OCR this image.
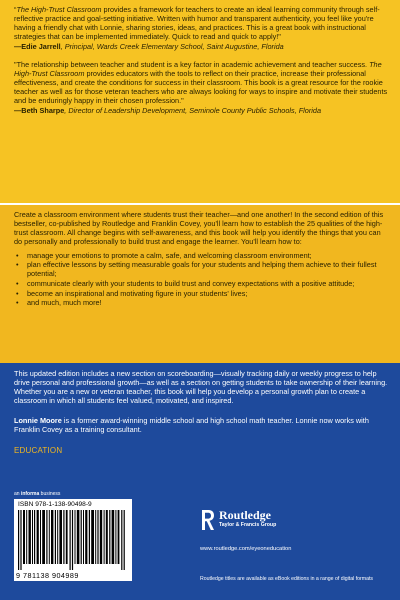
“The High-Trust Classroom provides a framework for teachers to create an ideal learning community through self-reflective practice and goal-setting initiative. Written with humor and transparent authenticity, you feel like you're having a friendly chat with Lonnie, sharing stories, ideas, and practices. This is a great book with instructional strategies that can be implemented immediately. Quick to read and quick to apply!"

—Edie Jarrell, Principal, Wards Creek Elementary School, Saint Augustine, Florida

"The relationship between teacher and student is a key factor in academic achievement and teacher success. The High-Trust Classroom provides educators with the tools to reflect on their practice, increase their professional effectiveness, and create the conditions for success in their classroom. This book is a great resource for the rookie teacher as well as for those veteran teachers who are always looking for ways to inspire and motivate their students and be enduringly happy in their chosen profession."

—Beth Sharpe, Director of Leadership Development, Seminole County Public Schools, Florida

Create a classroom environment where students trust their teacher—and one another! In the second edition of this bestseller, co-published by Routledge and Franklin Covey, you'll learn how to establish the 25 qualities of the high-trust classroom. All change begins with self-awareness, and this book will help you identify the things that you can do personally and professionally to build trust and engage the learner. You'll learn how to:

• manage your emotions to promote a calm, safe, and welcoming classroom environment;
• plan effective lessons by setting measurable goals for your students and helping them achieve to their fullest potential;
• communicate clearly with your students to build trust and convey expectations with a positive attitude;
• become an inspirational and motivating figure in your students' lives;
• and much, much more!

This updated edition includes a new section on scoreboarding—visually tracking daily or weekly progress to help drive personal and professional growth—as well as a section on getting students to take ownership of their learning. Whether you are a new or veteran teacher, this book will help you develop a personal growth plan to create a classroom in which all students feel valued, motivated, and inspired.

Lonnie Moore is a former award-winning middle school and high school math teacher. Lonnie now works with Franklin Covey as a training consultant.

EDUCATION

an informa business
ISBN 978-1-138-90498-9
9 781138 904989
Routledge
Taylor & Francis Group
www.routledge.com/eyeoneducation
Routledge titles are available as eBook editions in a range of digital formats
